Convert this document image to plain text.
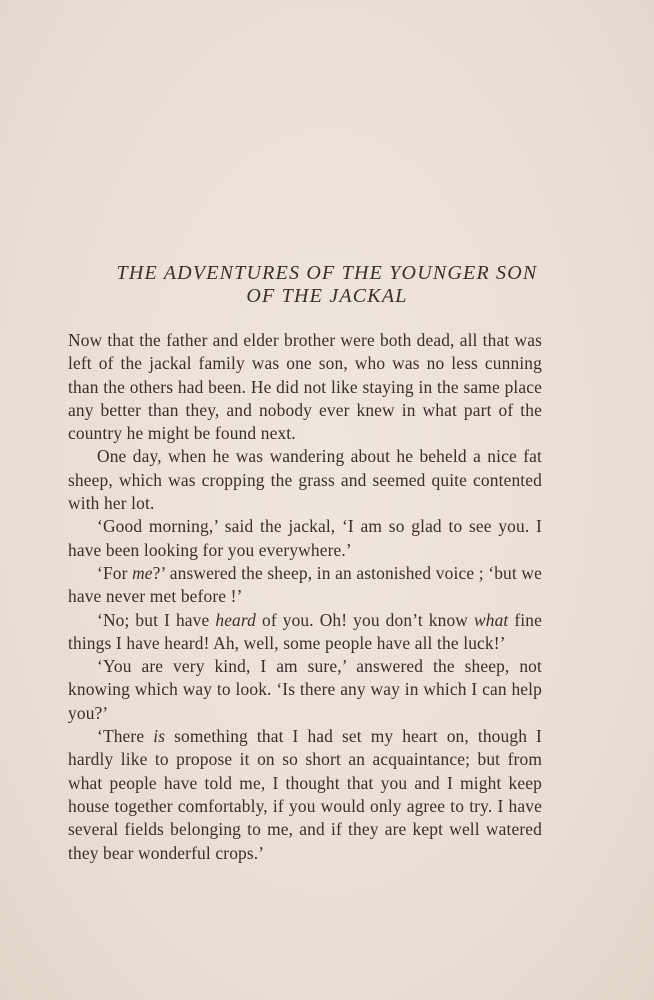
THE ADVENTURES OF THE YOUNGER SON
OF THE JACKAL

Now that the father and elder brother were both dead, all that was left of the jackal family was one son, who was no less cunning than the others had been. He did not like staying in the same place any better than they, and nobody ever knew in what part of the country he might be found next.

One day, when he was wandering about he beheld a nice fat sheep, which was cropping the grass and seemed quite contented with her lot.

‘Good morning,’ said the jackal, ‘I am so glad to see you. I have been looking for you everywhere.’

‘For me?’ answered the sheep, in an astonished voice ; ‘but we have never met before !’

‘No; but I have heard of you. Oh! you don’t know what fine things I have heard! Ah, well, some people have all the luck!’

‘You are very kind, I am sure,’ answered the sheep, not knowing which way to look. ‘Is there any way in which I can help you?’

‘There is something that I had set my heart on, though I hardly like to propose it on so short an acquaintance; but from what people have told me, I thought that you and I might keep house together comfortably, if you would only agree to try. I have several fields belonging to me, and if they are kept well watered they bear wonderful crops.’
